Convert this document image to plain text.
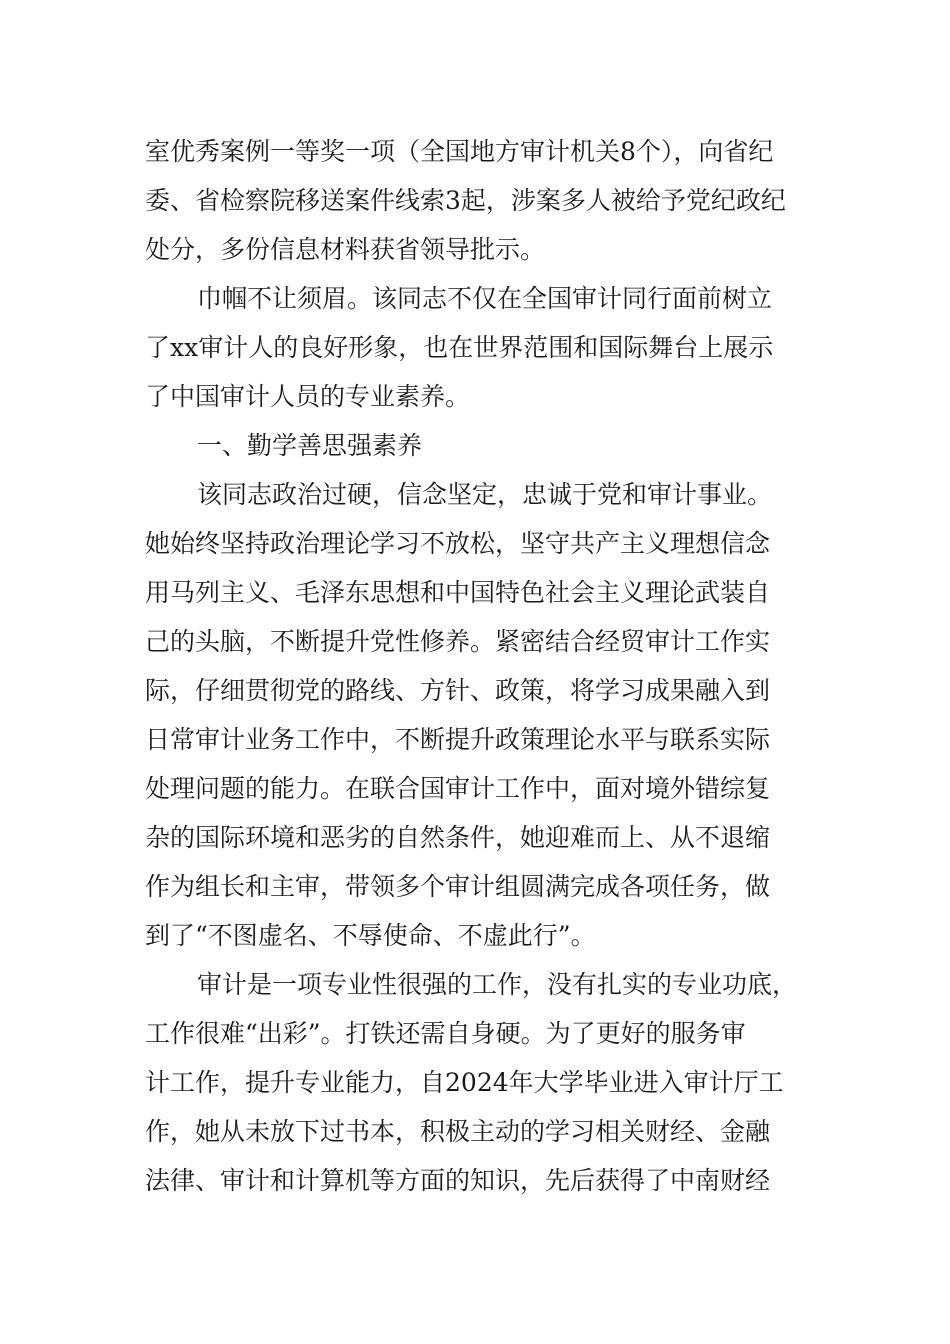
室优秀案例一等奖一项（全国地方审计机关8个），向省纪
委、省检察院移送案件线索3起，涉案多人被给予党纪政纪
处分，多份信息材料获省领导批示。
巾帼不让须眉。该同志不仅在全国审计同行面前树立
了xx审计人的良好形象，也在世界范围和国际舞台上展示
了中国审计人员的专业素养。
一、勤学善思强素养
该同志政治过硬，信念坚定，忠诚于党和审计事业。
她始终坚持政治理论学习不放松，坚守共产主义理想信念
用马列主义、毛泽东思想和中国特色社会主义理论武装自
己的头脑，不断提升党性修养。紧密结合经贸审计工作实
际，仔细贯彻党的路线、方针、政策，将学习成果融入到
日常审计业务工作中，不断提升政策理论水平与联系实际
处理问题的能力。在联合国审计工作中，面对境外错综复
杂的国际环境和恶劣的自然条件，她迎难而上、从不退缩
作为组长和主审，带领多个审计组圆满完成各项任务，做
到了“不图虚名、不辱使命、不虚此行”。
审计是一项专业性很强的工作，没有扎实的专业功底，
工作很难“出彩”。打铁还需自身硬。为了更好的服务审
计工作，提升专业能力，自2024年大学毕业进入审计厅工
作，她从未放下过书本，积极主动的学习相关财经、金融
法律、审计和计算机等方面的知识，先后获得了中南财经
